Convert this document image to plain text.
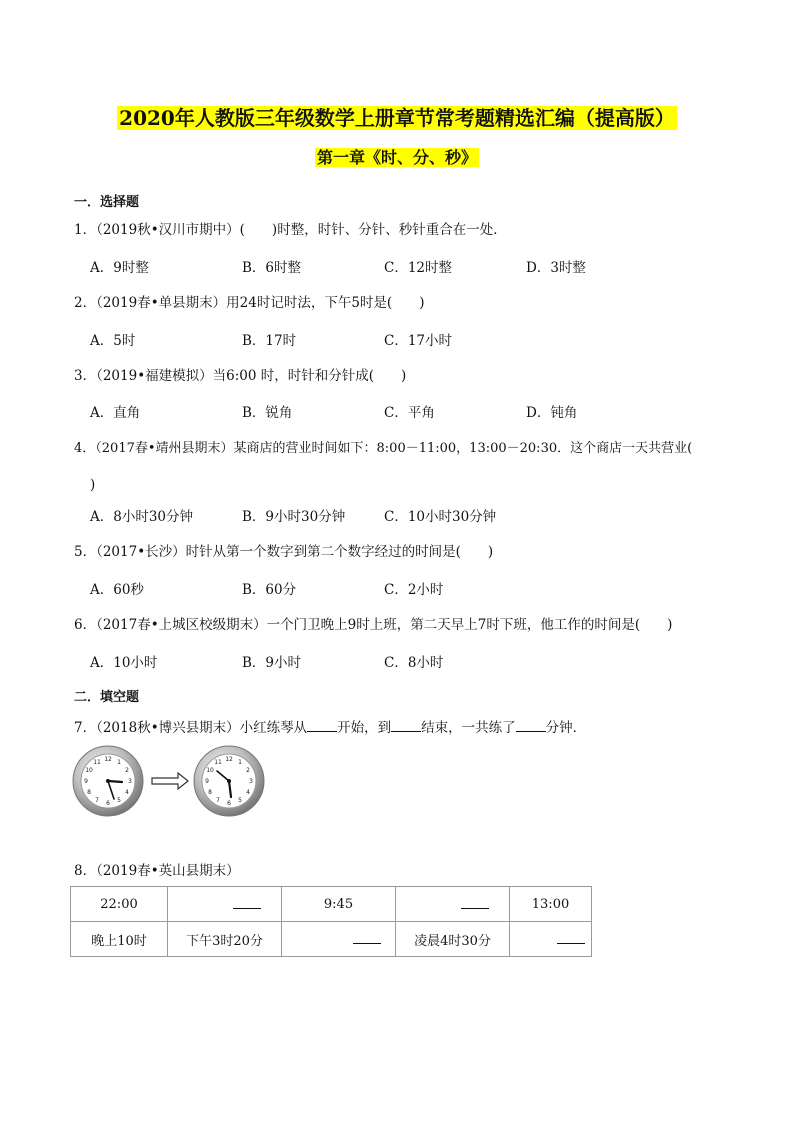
2020年人教版三年级数学上册章节常考题精选汇编（提高版）
第一章《时、分、秒》
一．选择题
1．（2019秋•汉川市期中）(　　)时整，时针、分针、秒针重合在一处．
A．9时整	B．6时整	C．12时整	D．3时整
2．（2019春•单县期末）用24时记时法，下午5时是(　　)
A．5时	B．17时	C．17小时
3．（2019•福建模拟）当6:00 时，时针和分针成(　　)
A．直角	B．锐角	C．平角	D．钝角
4．（2017春•靖州县期末）某商店的营业时间如下：8:00－11:00，13:00－20:30．这个商店一天共营业(
)
A．8小时30分钟	B．9小时30分钟	C．10小时30分钟
5．（2017•长沙）时针从第一个数字到第二个数字经过的时间是(　　)
A．60秒	B．60分	C．2小时
6．（2017春•上城区校级期末）一个门卫晚上9时上班，第二天早上7时下班，他工作的时间是(　　)
A．10小时	B．9小时	C．8小时
二．填空题
7．（2018秋•博兴县期末）小红练琴从 开始，到 结束，一共练了 分钟．
12 1
2
3
4
5
6
7
8
9
10
11	12 1
2
3
4
5
6
7
8
9
10
11
8．（2019春•英山县期末）
22:00		9:45		13:00
晚上10时	下午3时20分		凌晨4时30分	
